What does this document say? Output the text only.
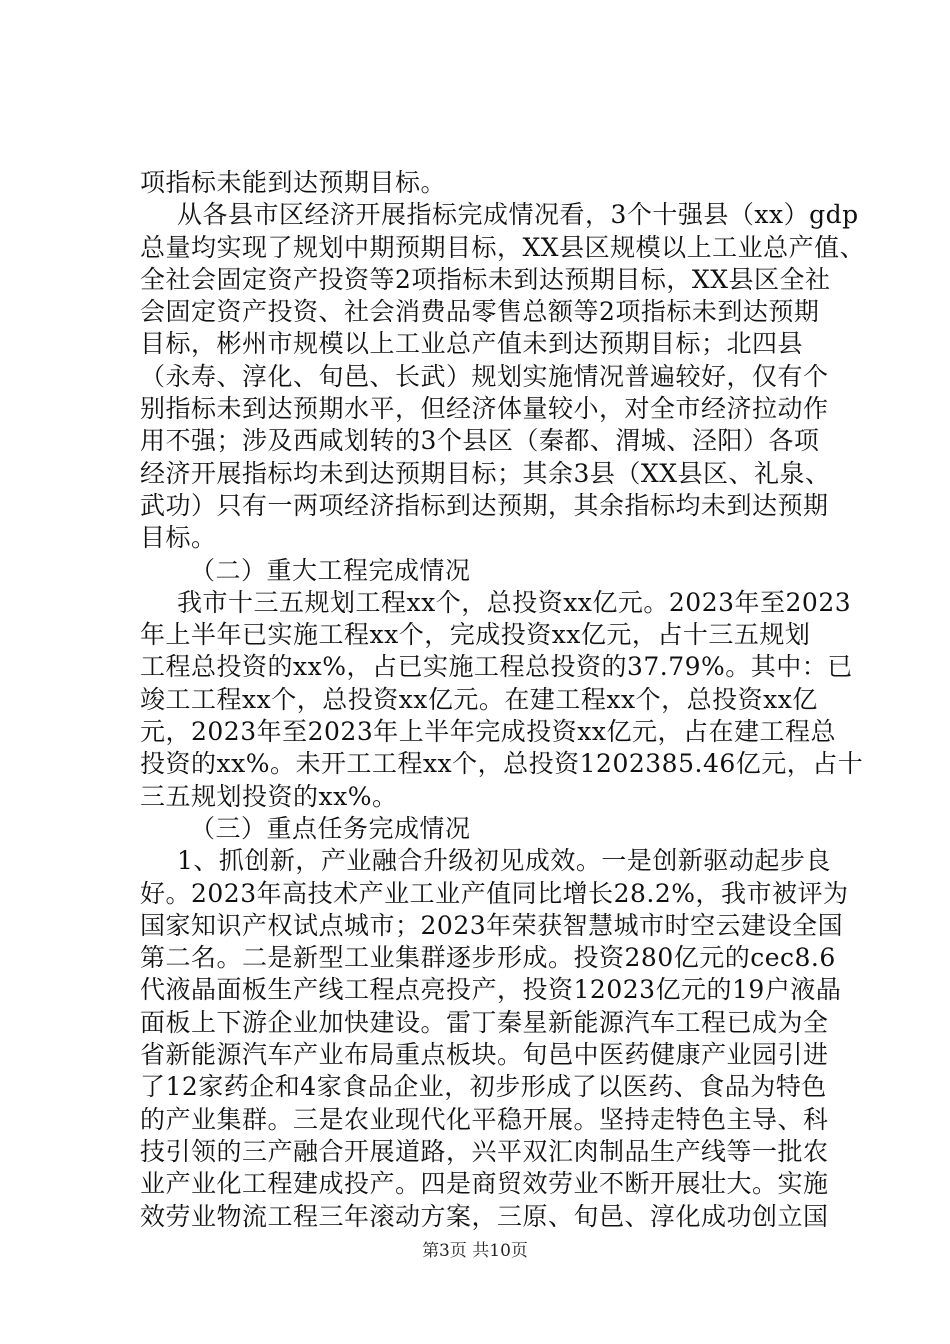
项指标未能到达预期目标。
从各县市区经济开展指标完成情况看，3个十强县（xx）gdp
总量均实现了规划中期预期目标，XX县区规模以上工业总产值、
全社会固定资产投资等2项指标未到达预期目标，XX县区全社
会固定资产投资、社会消费品零售总额等2项指标未到达预期
目标，彬州市规模以上工业总产值未到达预期目标；北四县
（永寿、淳化、旬邑、长武）规划实施情况普遍较好，仅有个
别指标未到达预期水平，但经济体量较小，对全市经济拉动作
用不强；涉及西咸划转的3个县区（秦都、渭城、泾阳）各项
经济开展指标均未到达预期目标；其余3县（XX县区、礼泉、
武功）只有一两项经济指标到达预期，其余指标均未到达预期
目标。
（二）重大工程完成情况
我市十三五规划工程xx个，总投资xx亿元。2023年至2023
年上半年已实施工程xx个，完成投资xx亿元，占十三五规划
工程总投资的xx%，占已实施工程总投资的37.79%。其中：已
竣工工程xx个，总投资xx亿元。在建工程xx个，总投资xx亿
元，2023年至2023年上半年完成投资xx亿元，占在建工程总
投资的xx%。未开工工程xx个，总投资1202385.46亿元，占十
三五规划投资的xx%。
（三）重点任务完成情况
1、抓创新，产业融合升级初见成效。一是创新驱动起步良
好。2023年高技术产业工业产值同比增长28.2%，我市被评为
国家知识产权试点城市；2023年荣获智慧城市时空云建设全国
第二名。二是新型工业集群逐步形成。投资280亿元的cec8.6
代液晶面板生产线工程点亮投产，投资12023亿元的19户液晶
面板上下游企业加快建设。雷丁秦星新能源汽车工程已成为全
省新能源汽车产业布局重点板块。旬邑中医药健康产业园引进
了12家药企和4家食品企业，初步形成了以医药、食品为特色
的产业集群。三是农业现代化平稳开展。坚持走特色主导、科
技引领的三产融合开展道路，兴平双汇肉制品生产线等一批农
业产业化工程建成投产。四是商贸效劳业不断开展壮大。实施
效劳业物流工程三年滚动方案，三原、旬邑、淳化成功创立国
第3页 共10页
